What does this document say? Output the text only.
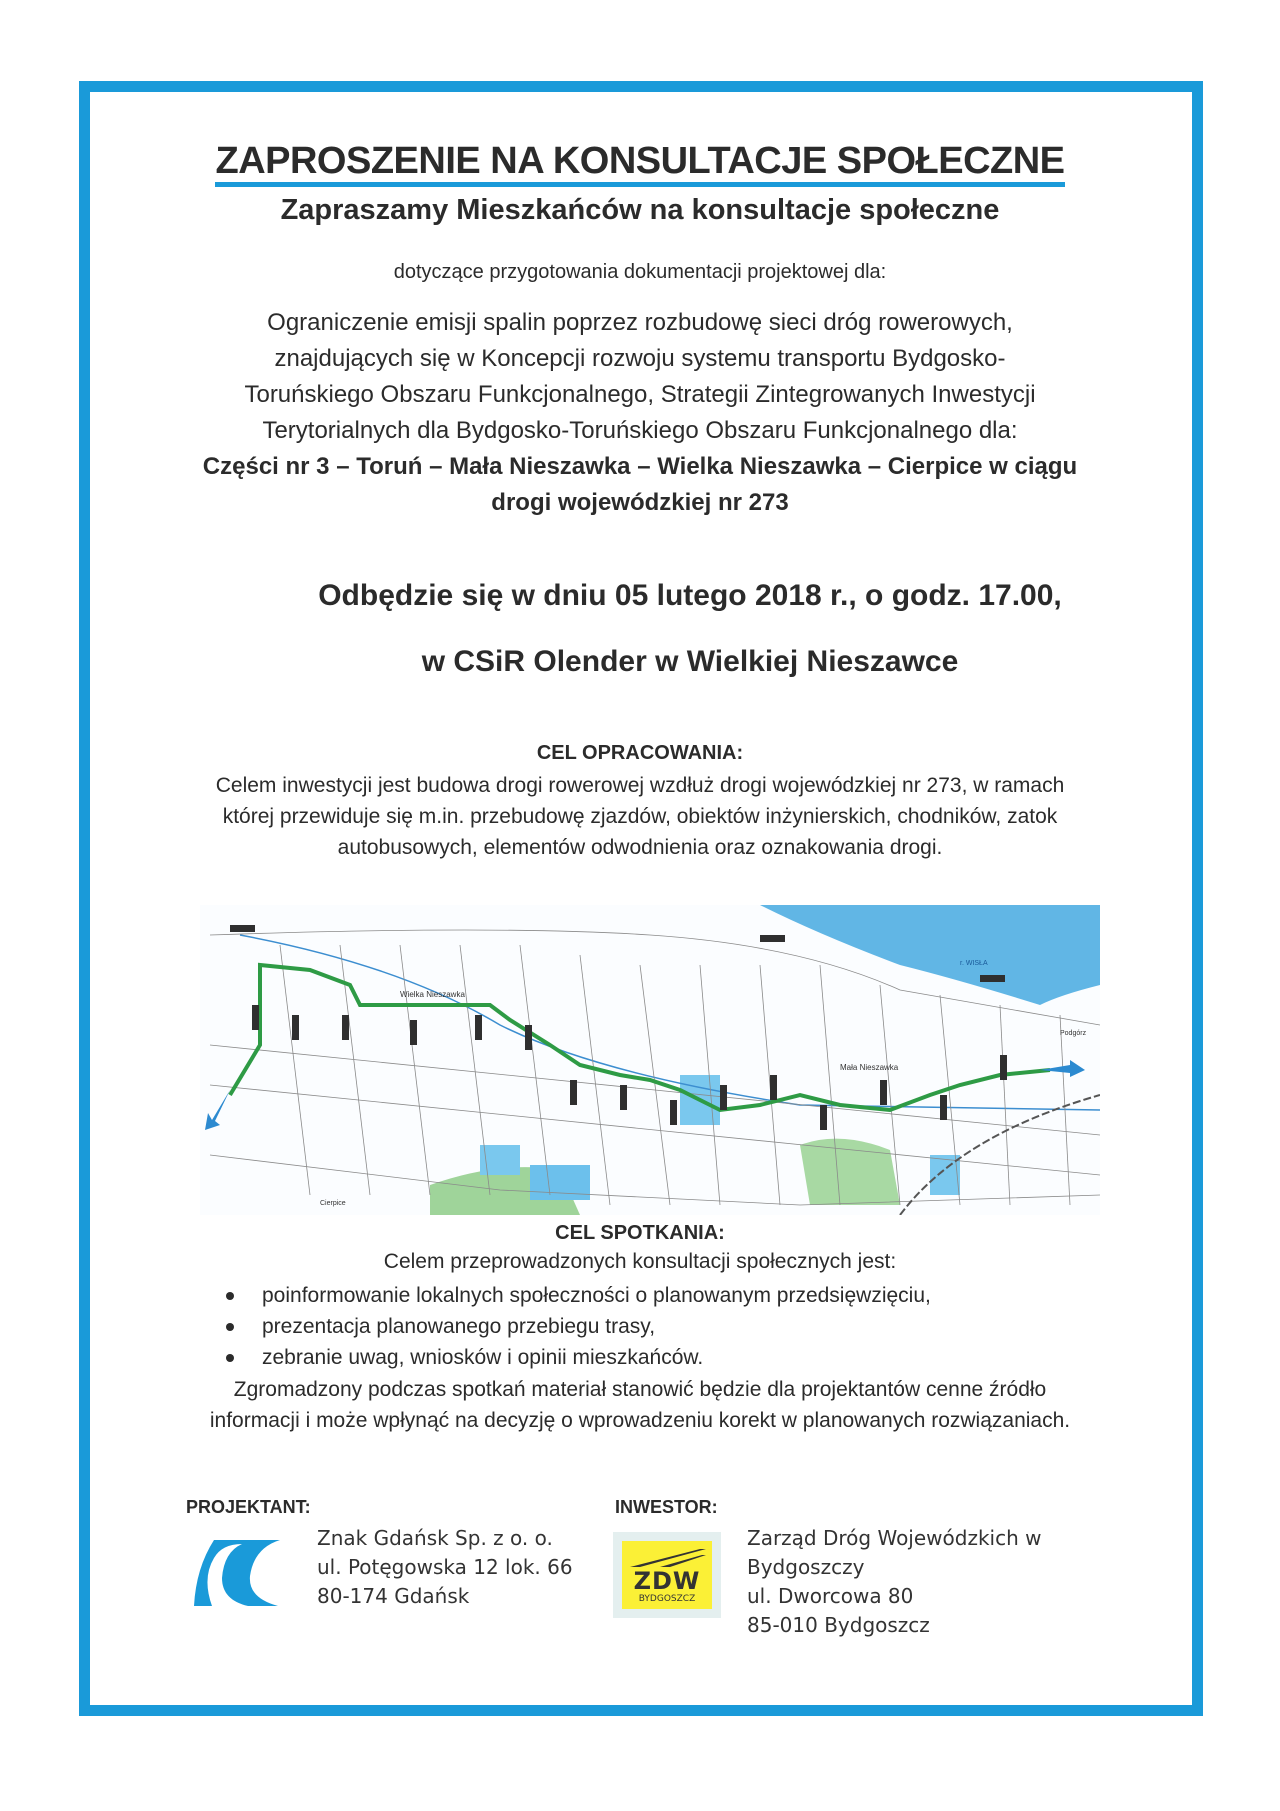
ZAPROSZENIE NA KONSULTACJE SPOŁECZNE
Zapraszamy Mieszkańców na konsultacje społeczne
dotyczące przygotowania dokumentacji projektowej dla:
Ograniczenie emisji spalin poprzez rozbudowę sieci dróg rowerowych,
znajdujących się w Koncepcji rozwoju systemu transportu Bydgosko-
Toruńskiego Obszaru Funkcjonalnego, Strategii Zintegrowanych Inwestycji
Terytorialnych dla Bydgosko-Toruńskiego Obszaru Funkcjonalnego dla:
Części nr 3 – Toruń – Mała Nieszawka – Wielka Nieszawka – Cierpice w ciągu
drogi wojewódzkiej nr 273
Odbędzie się w dniu 05 lutego 2018 r., o godz. 17.00,
w CSiR Olender w Wielkiej Nieszawce
CEL OPRACOWANIA:
Celem inwestycji jest budowa drogi rowerowej wzdłuż drogi wojewódzkiej nr 273, w ramach
której przewiduje się m.in. przebudowę zjazdów, obiektów inżynierskich, chodników, zatok
autobusowych, elementów odwodnienia oraz oznakowania drogi.
Wielka Nieszawka
Mała Nieszawka
Cierpice
Podgórz
r. WISŁA
CEL SPOTKANIA:
Celem przeprowadzonych konsultacji społecznych jest:
poinformowanie lokalnych społeczności o planowanym przedsięwzięciu,
prezentacja planowanego przebiegu trasy,
zebranie uwag, wniosków i opinii mieszkańców.
Zgromadzony podczas spotkań materiał stanowić będzie dla projektantów cenne źródło
informacji i może wpłynąć na decyzję o wprowadzeniu korekt w planowanych rozwiązaniach.
PROJEKTANT:
Znak Gdańsk Sp. z o. o.
ul. Potęgowska 12 lok. 66
80-174 Gdańsk
INWESTOR:
ZDW
BYDGOSZCZ
Zarząd Dróg Wojewódzkich w
Bydgoszczy
ul. Dworcowa 80
85-010 Bydgoszcz
